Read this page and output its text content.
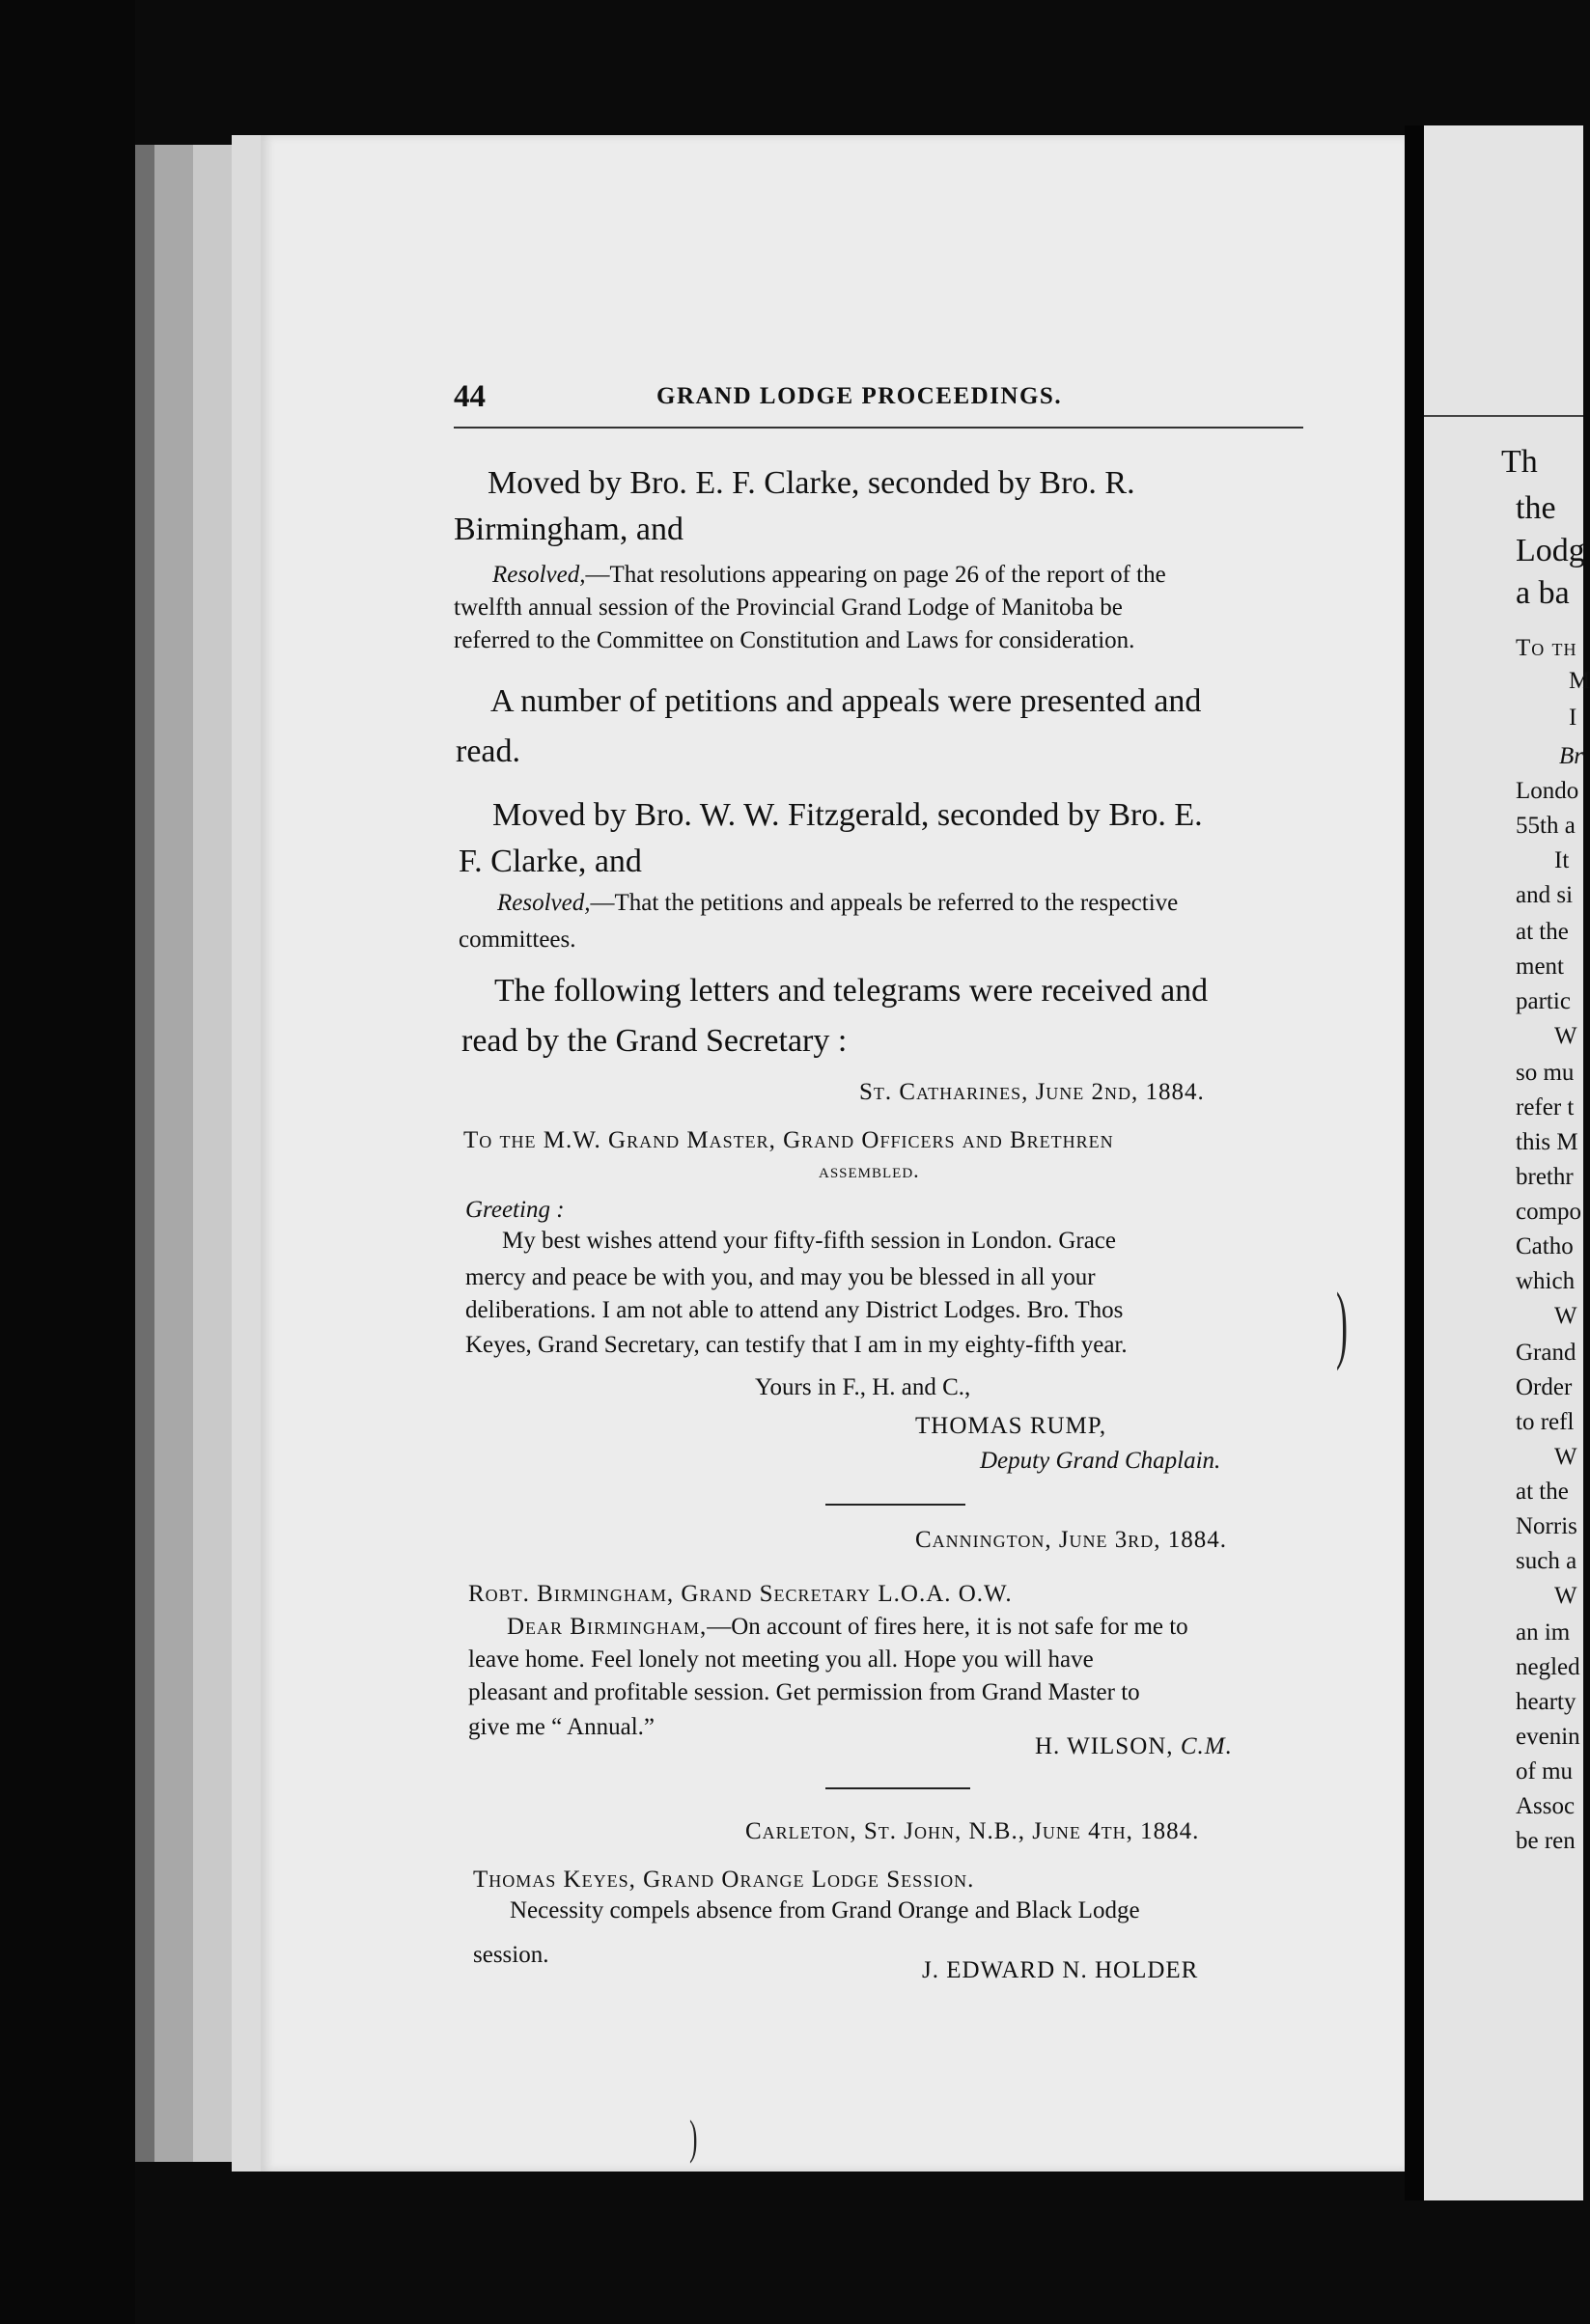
44	GRAND LODGE PROCEEDINGS.
Moved by Bro. E. F. Clarke, seconded by Bro. R.
Birmingham, and
Resolved,—That resolutions appearing on page 26 of the report of the
twelfth annual session of the Provincial Grand Lodge of Manitoba be
referred to the Committee on Constitution and Laws for consideration.
A number of petitions and appeals were presented and
read.
Moved by Bro. W. W. Fitzgerald, seconded by Bro. E.
F. Clarke, and
Resolved,—That the petitions and appeals be referred to the respective
committees.
The following letters and telegrams were received and
read by the Grand Secretary :
St. Catharines, June 2nd, 1884.
To the M.W. Grand Master, Grand Officers and Brethren
assembled.
Greeting :
My best wishes attend your fifty-fifth session in London. Grace
mercy and peace be with you, and may you be blessed in all your
deliberations. I am not able to attend any District Lodges. Bro. Thos
Keyes, Grand Secretary, can testify that I am in my eighty-fifth year.
Yours in F., H. and C.,
THOMAS RUMP,
Deputy Grand Chaplain.
Cannington, June 3rd, 1884.
Robt. Birmingham, Grand Secretary L.O.A. O.W.
Dear Birmingham,—On account of fires here, it is not safe for me to
leave home. Feel lonely not meeting you all. Hope you will have
pleasant and profitable session. Get permission from Grand Master to
give me “ Annual.”
H. WILSON, C.M.
Carleton, St. John, N.B., June 4th, 1884.
Thomas Keyes, Grand Orange Lodge Session.
Necessity compels absence from Grand Orange and Black Lodge
session.
J. EDWARD N. HOLDER
)
)
Th
the
Lodg
a ba
To th
M
I
Br
Londo
55th a
It
and si
at the
ment
partic
W
so mu
refer t
this M
brethr
compo
Catho
which
W
Grand
Order
to refl
W
at the
Norris
such a
W
an im
negled
hearty
evenin
of mu
Assoc
be ren
